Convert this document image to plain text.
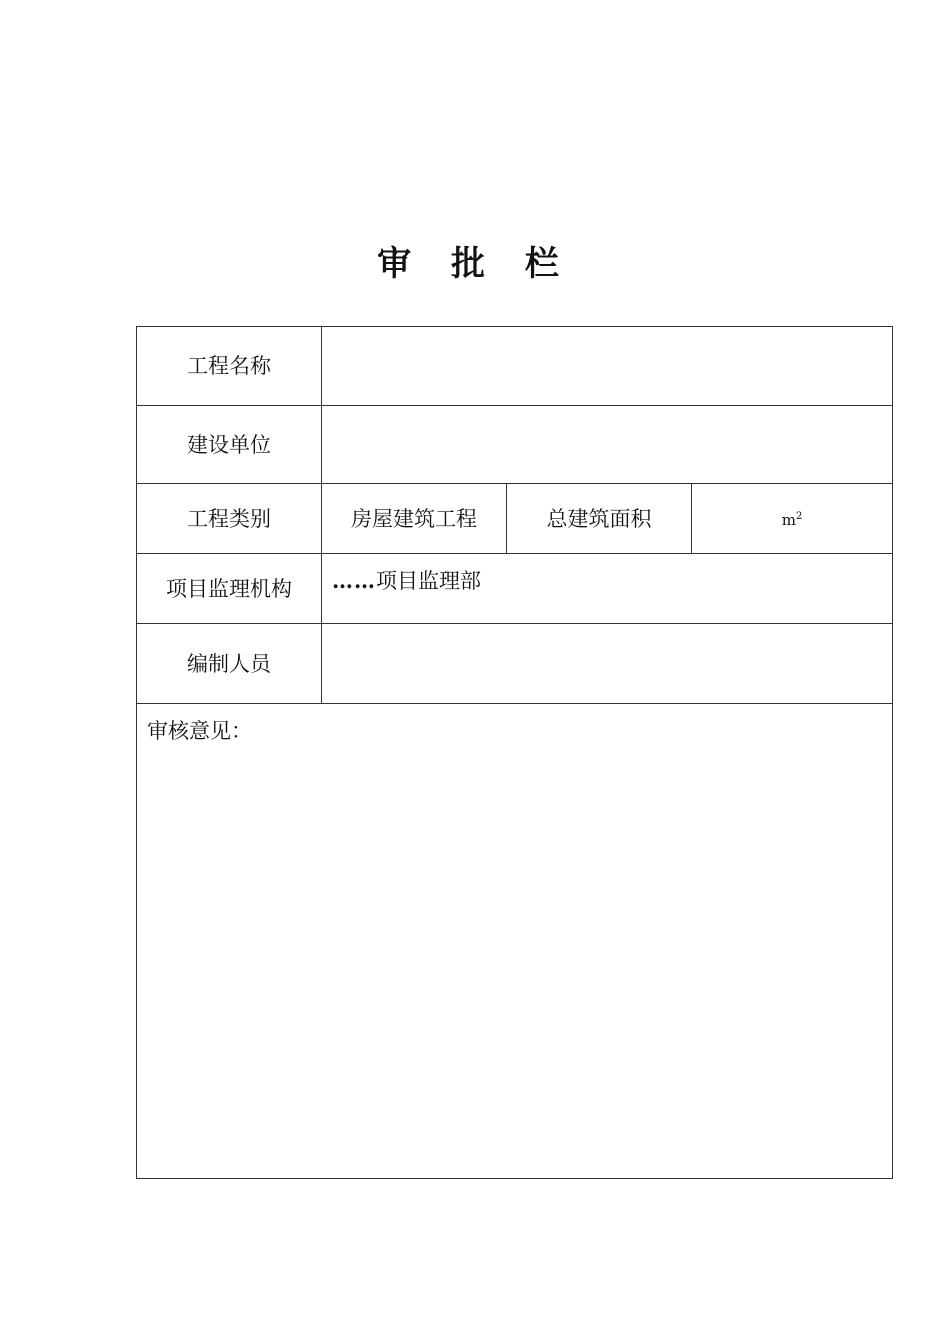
审 批 栏
工程名称			
建设单位			
工程类别	房屋建筑工程	总建筑面积	$m^2$
项目监理机构	……项目监理部		
编制人员			
审核意见：			
